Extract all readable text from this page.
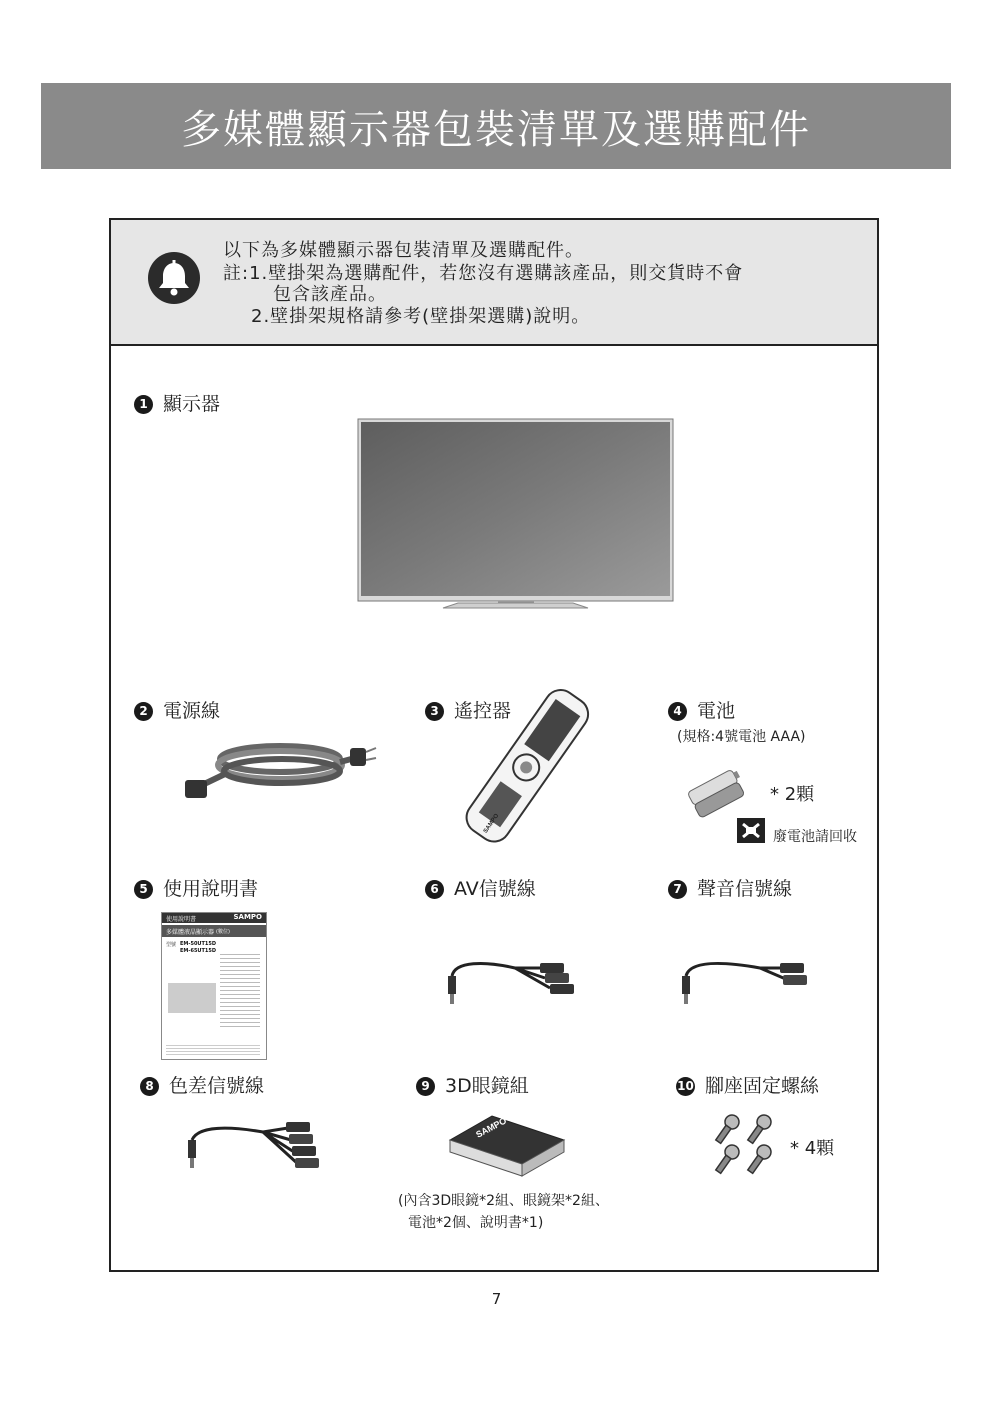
多媒體顯示器包裝清單及選購配件
以下為多媒體顯示器包裝清單及選購配件。
註:1.壁掛架為選購配件，若您沒有選購該產品，則交貨時不會
包含該產品。
2.壁掛架規格請參考(壁掛架選購)說明。
1 顯示器
2 電源線	3 遙控器
SAMPO
4 電池
(規格:4號電池 AAA)
* 2顆
廢電池請回收
5 使用說明書
使用說明書	SAMPO
多媒體液晶顯示器 (數位)
型號 EM-50UT15D
EM-65UT15D
6 AV信號線	7 聲音信號線
8 色差信號線	9 3D眼鏡組
SAMPO
(內含3D眼鏡*2組、眼鏡架*2組、
電池*2個、說明書*1)
10 腳座固定螺絲
* 4顆
7
